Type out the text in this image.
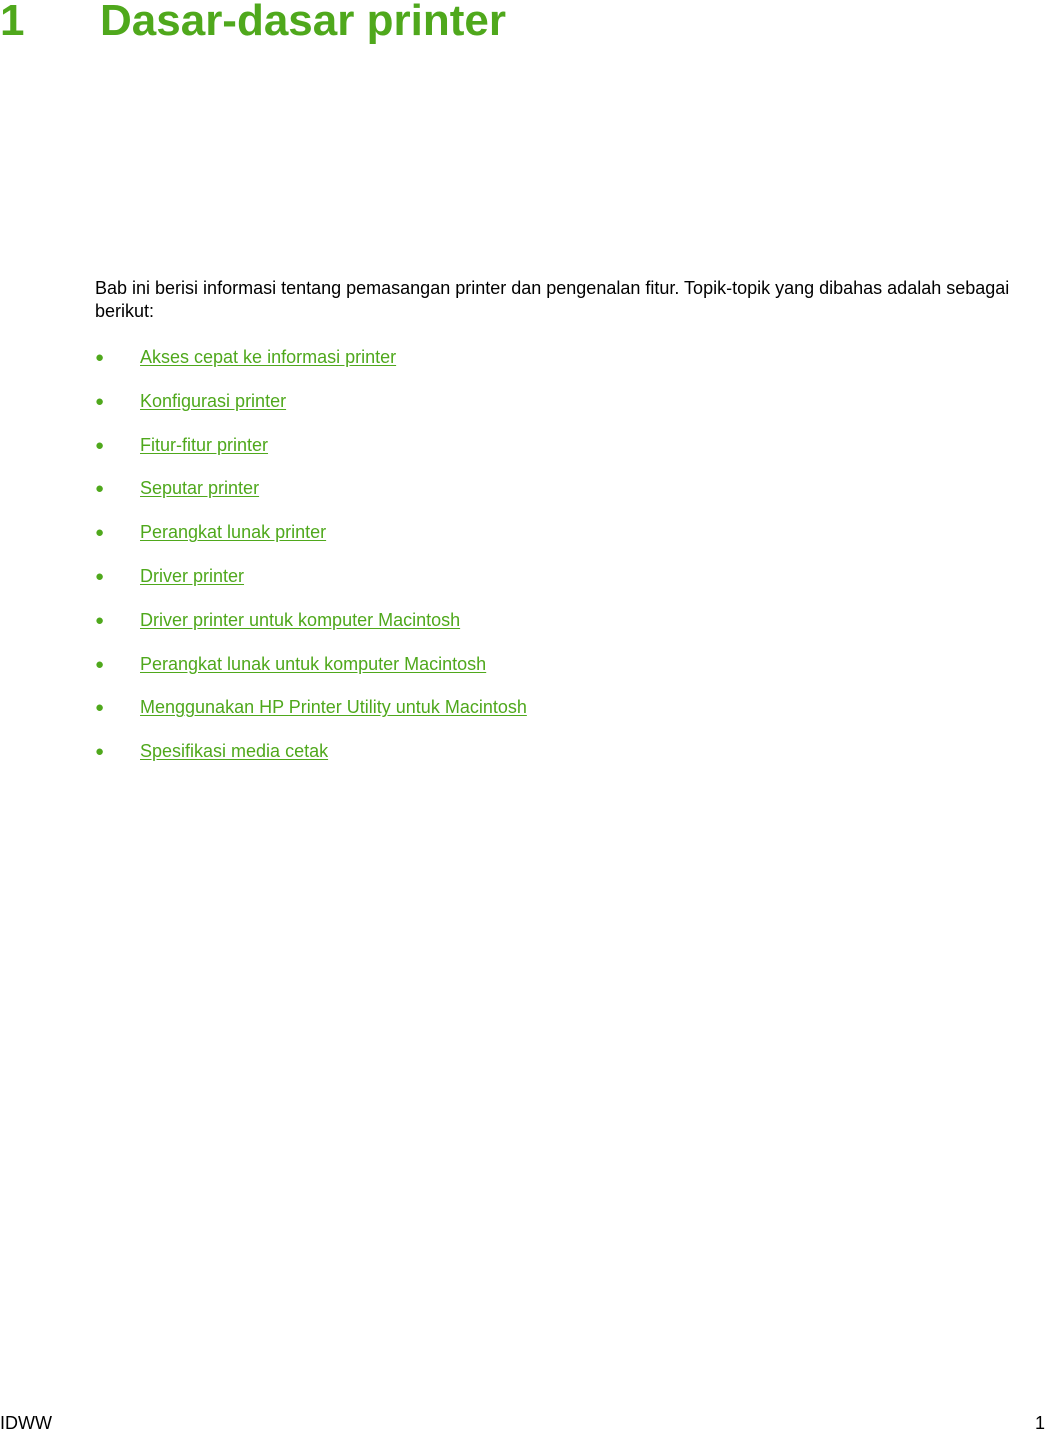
1 Dasar-dasar printer

Bab ini berisi informasi tentang pemasangan printer dan pengenalan fitur. Topik-topik yang dibahas adalah sebagai berikut:

● Akses cepat ke informasi printer
● Konfigurasi printer
● Fitur-fitur printer
● Seputar printer
● Perangkat lunak printer
● Driver printer
● Driver printer untuk komputer Macintosh
● Perangkat lunak untuk komputer Macintosh
● Menggunakan HP Printer Utility untuk Macintosh
● Spesifikasi media cetak
IDWW	1
